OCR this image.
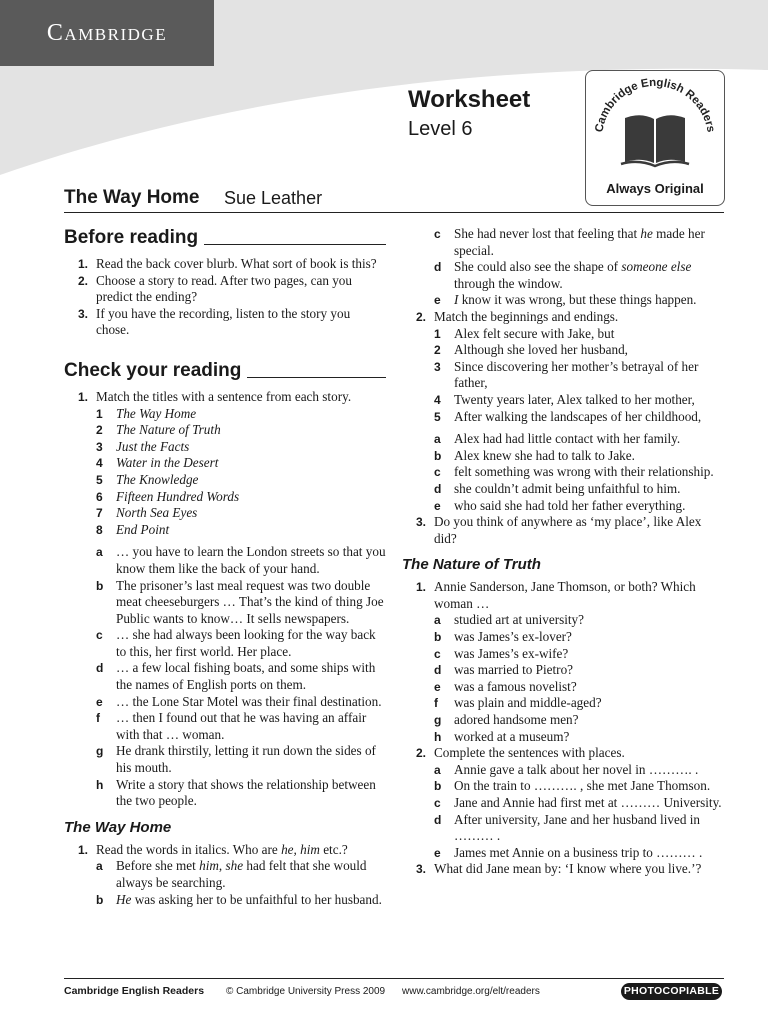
Cambridge
Worksheet
Level 6	Cambridge English Readers
Always Original
The Way Home Sue Leather
Before reading
1. Read the back cover blurb. What sort of book is this?
2. Choose a story to read. After two pages, can you predict the ending?
3. If you have the recording, listen to the story you chose.
Check your reading
1. Match the titles with a sentence from each story.
1	The Way Home
2	The Nature of Truth
3	Just the Facts
4	Water in the Desert
5	The Knowledge
6	Fifteen Hundred Words
7	North Sea Eyes
8	End Point
a	… you have to learn the London streets so that you know them like the back of your hand.
b The prisoner’s last meal request was two double meat cheeseburgers … That’s the kind of thing Joe Public wants to know… It sells newspapers.
c	… she had always been looking for the way back to this, her first world. Her place.
d … a few local fishing boats, and some ships with the names of English ports on them.
e	… the Lone Star Motel was their final destination.
f	… then I found out that he was having an affair with that … woman.
g He drank thirstily, letting it run down the sides of his mouth.
h Write a story that shows the relationship between the two people.
The Way Home
1. Read the words in italics. Who are he, him etc.?
a	Before she met him, she had felt that she would always be searching.
b He was asking her to be unfaithful to her husband.
c	She had never lost that feeling that he made her special.
d She could also see the shape of someone else through the window.
e	I know it was wrong, but these things happen.
2. Match the beginnings and endings.
1	Alex felt secure with Jake, but
2	Although she loved her husband,
3	Since discovering her mother’s betrayal of her father,
4	Twenty years later, Alex talked to her mother,
5	After walking the landscapes of her childhood,
a	Alex had had little contact with her family.
b Alex knew she had to talk to Jake.
c	felt something was wrong with their relationship.
d she couldn’t admit being unfaithful to him.
e	who said she had told her father everything.
3. Do you think of anywhere as ‘my place’, like Alex did?
The Nature of Truth
1. Annie Sanderson, Jane Thomson, or both? Which woman …
a	studied art at university?
b was James’s ex-lover?
c	was James’s ex-wife?
d was married to Pietro?
e	was a famous novelist?
f	was plain and middle-aged?
g adored handsome men?
h worked at a museum?
2. Complete the sentences with places.
a	Annie gave a talk about her novel in ………. .
b On the train to ………. , she met Jane Thomson.
c	Jane and Annie had first met at ……… University.
d After university, Jane and her husband lived in ……… .
e	James met Annie on a business trip to ……… .
3. What did Jane mean by: ‘I know where you live.’?
Cambridge English Readers © Cambridge University Press 2009 www.cambridge.org/elt/readers	PHOTOCOPIABLE
